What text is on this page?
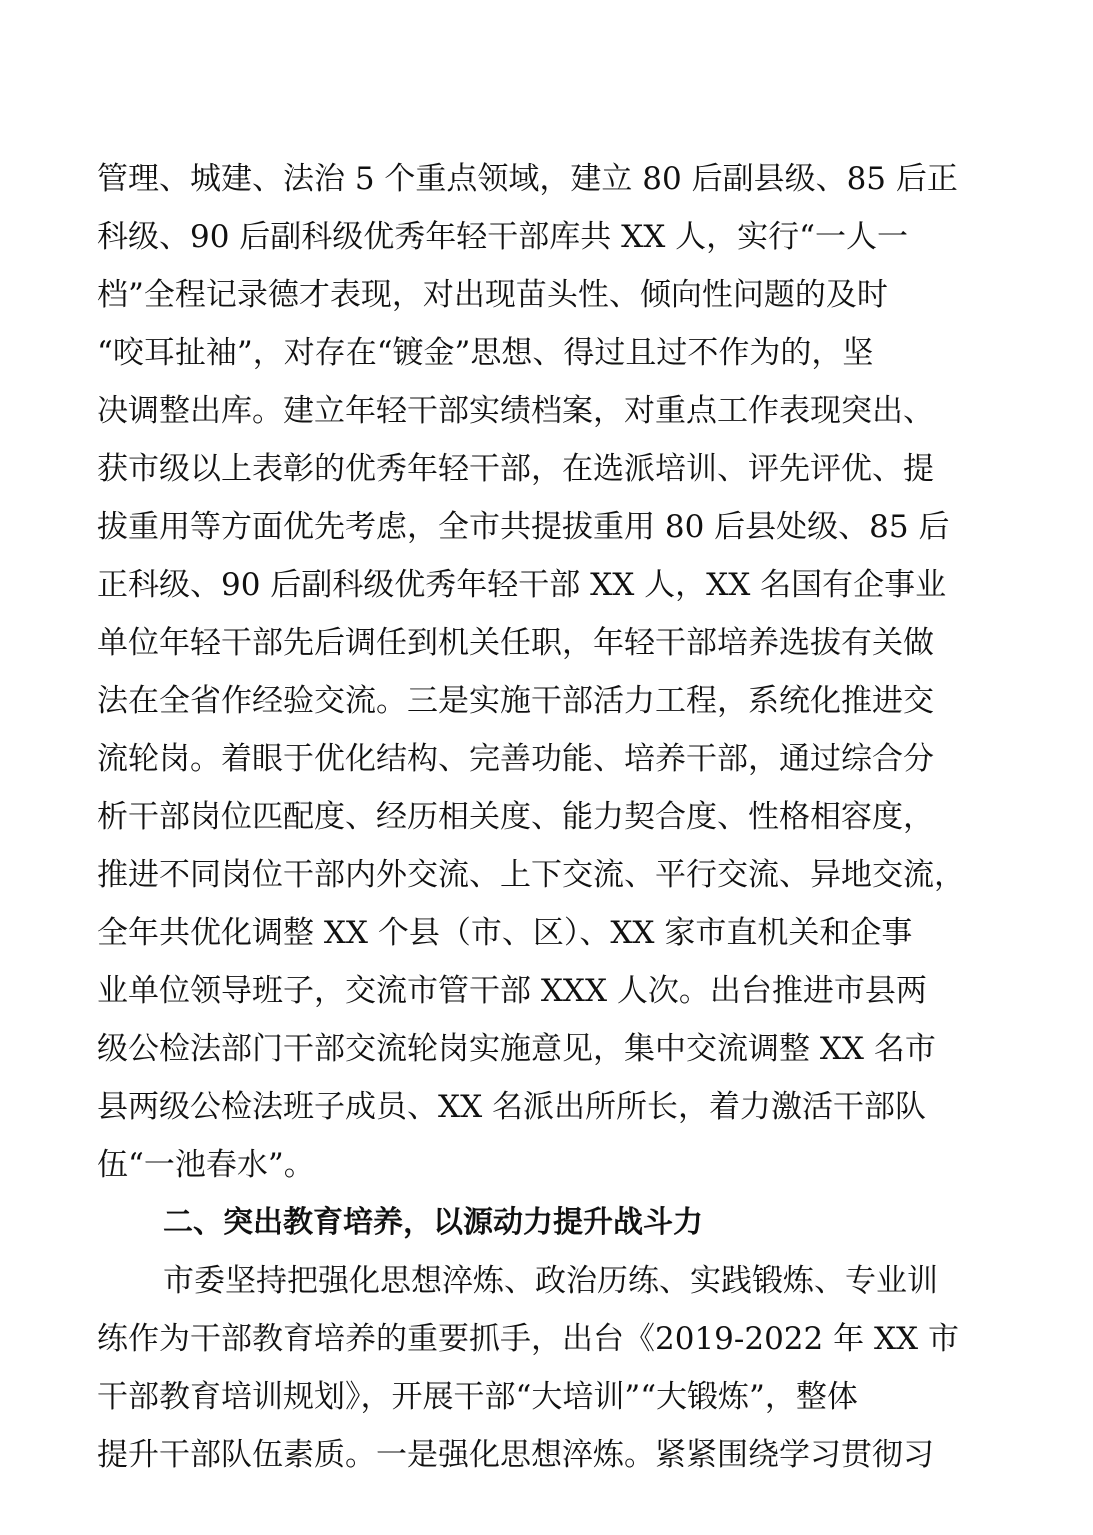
管理、城建、法治 5 个重点领域，建立 80 后副县级、85 后正
科级、90 后副科级优秀年轻干部库共 XX 人，实行“一人一
档”全程记录德才表现，对出现苗头性、倾向性问题的及时
“咬耳扯袖”，对存在“镀金”思想、得过且过不作为的，坚
决调整出库。建立年轻干部实绩档案，对重点工作表现突出、
获市级以上表彰的优秀年轻干部，在选派培训、评先评优、提
拔重用等方面优先考虑，全市共提拔重用 80 后县处级、85 后
正科级、90 后副科级优秀年轻干部 XX 人，XX 名国有企事业
单位年轻干部先后调任到机关任职，年轻干部培养选拔有关做
法在全省作经验交流。三是实施干部活力工程，系统化推进交
流轮岗。着眼于优化结构、完善功能、培养干部，通过综合分
析干部岗位匹配度、经历相关度、能力契合度、性格相容度，
推进不同岗位干部内外交流、上下交流、平行交流、异地交流，
全年共优化调整 XX 个县（市、区）、XX 家市直机关和企事
业单位领导班子，交流市管干部 XXX 人次。出台推进市县两
级公检法部门干部交流轮岗实施意见，集中交流调整 XX 名市
县两级公检法班子成员、XX 名派出所所长，着力激活干部队
伍“一池春水”。
二、突出教育培养，以源动力提升战斗力
市委坚持把强化思想淬炼、政治历练、实践锻炼、专业训
练作为干部教育培养的重要抓手，出台《2019-2022 年 XX 市
干部教育培训规划》，开展干部“大培训”“大锻炼”，整体
提升干部队伍素质。一是强化思想淬炼。紧紧围绕学习贯彻习
